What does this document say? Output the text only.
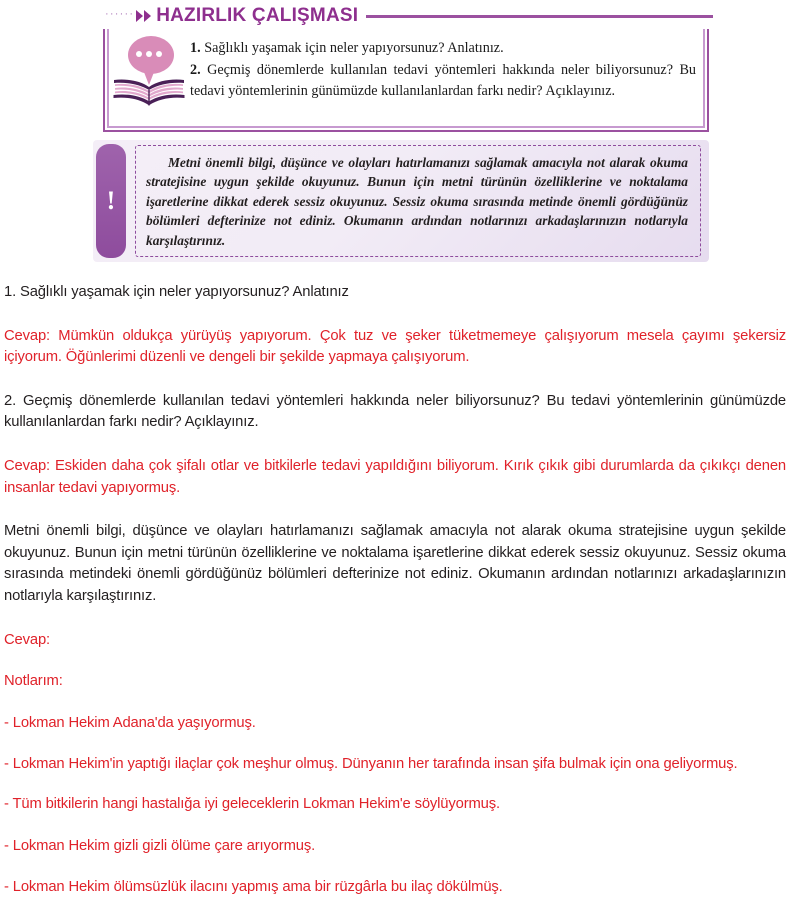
······ HAZIRLIK ÇALIŞMASI

1. Sağlıklı yaşamak için neler yapıyorsunuz? Anlatınız.

2. Geçmiş dönemlerde kullanılan tedavi yöntemleri hakkında neler biliyorsunuz? Bu tedavi yöntemlerinin günümüzde kullanılanlardan farkı nedir? Açıklayınız.

!

Metni önemli bilgi, düşünce ve olayları hatırlamanızı sağlamak amacıyla not alarak okuma stratejisine uygun şekilde okuyunuz. Bunun için metni türünün özelliklerine ve noktalama işaretlerine dikkat ederek sessiz okuyunuz. Sessiz okuma sırasında metinde önemli gördüğünüz bölümleri defterinize not ediniz. Okumanın ardından notlarınızı arkadaşlarınızın notlarıyla karşılaştırınız.

1. Sağlıklı yaşamak için neler yapıyorsunuz? Anlatınız

Cevap: Mümkün oldukça yürüyüş yapıyorum. Çok tuz ve şeker tüketmemeye çalışıyorum mesela çayımı şekersiz içiyorum. Öğünlerimi düzenli ve dengeli bir şekilde yapmaya çalışıyorum.

2. Geçmiş dönemlerde kullanılan tedavi yöntemleri hakkında neler biliyorsunuz? Bu tedavi yöntemlerinin günümüzde kullanılanlardan farkı nedir? Açıklayınız.

Cevap: Eskiden daha çok şifalı otlar ve bitkilerle tedavi yapıldığını biliyorum. Kırık çıkık gibi durumlarda da çıkıkçı denen insanlar tedavi yapıyormuş.

Metni önemli bilgi, düşünce ve olayları hatırlamanızı sağlamak amacıyla not alarak okuma stratejisine uygun şekilde okuyunuz. Bunun için metni türünün özelliklerine ve noktalama işaretlerine dikkat ederek sessiz okuyunuz. Sessiz okuma sırasında metindeki önemli gördüğünüz bölümleri defterinize not ediniz. Okumanın ardından notlarınızı arkadaşlarınızın notlarıyla karşılaştırınız.

Cevap:

Notlarım:

- Lokman Hekim Adana'da yaşıyormuş.

- Lokman Hekim'in yaptığı ilaçlar çok meşhur olmuş. Dünyanın her tarafında insan şifa bulmak için ona geliyormuş.

- Tüm bitkilerin hangi hastalığa iyi geleceklerin Lokman Hekim'e söylüyormuş.

- Lokman Hekim gizli gizli ölüme çare arıyormuş.

- Lokman Hekim ölümsüzlük ilacını yapmış ama bir rüzgârla bu ilaç dökülmüş.
